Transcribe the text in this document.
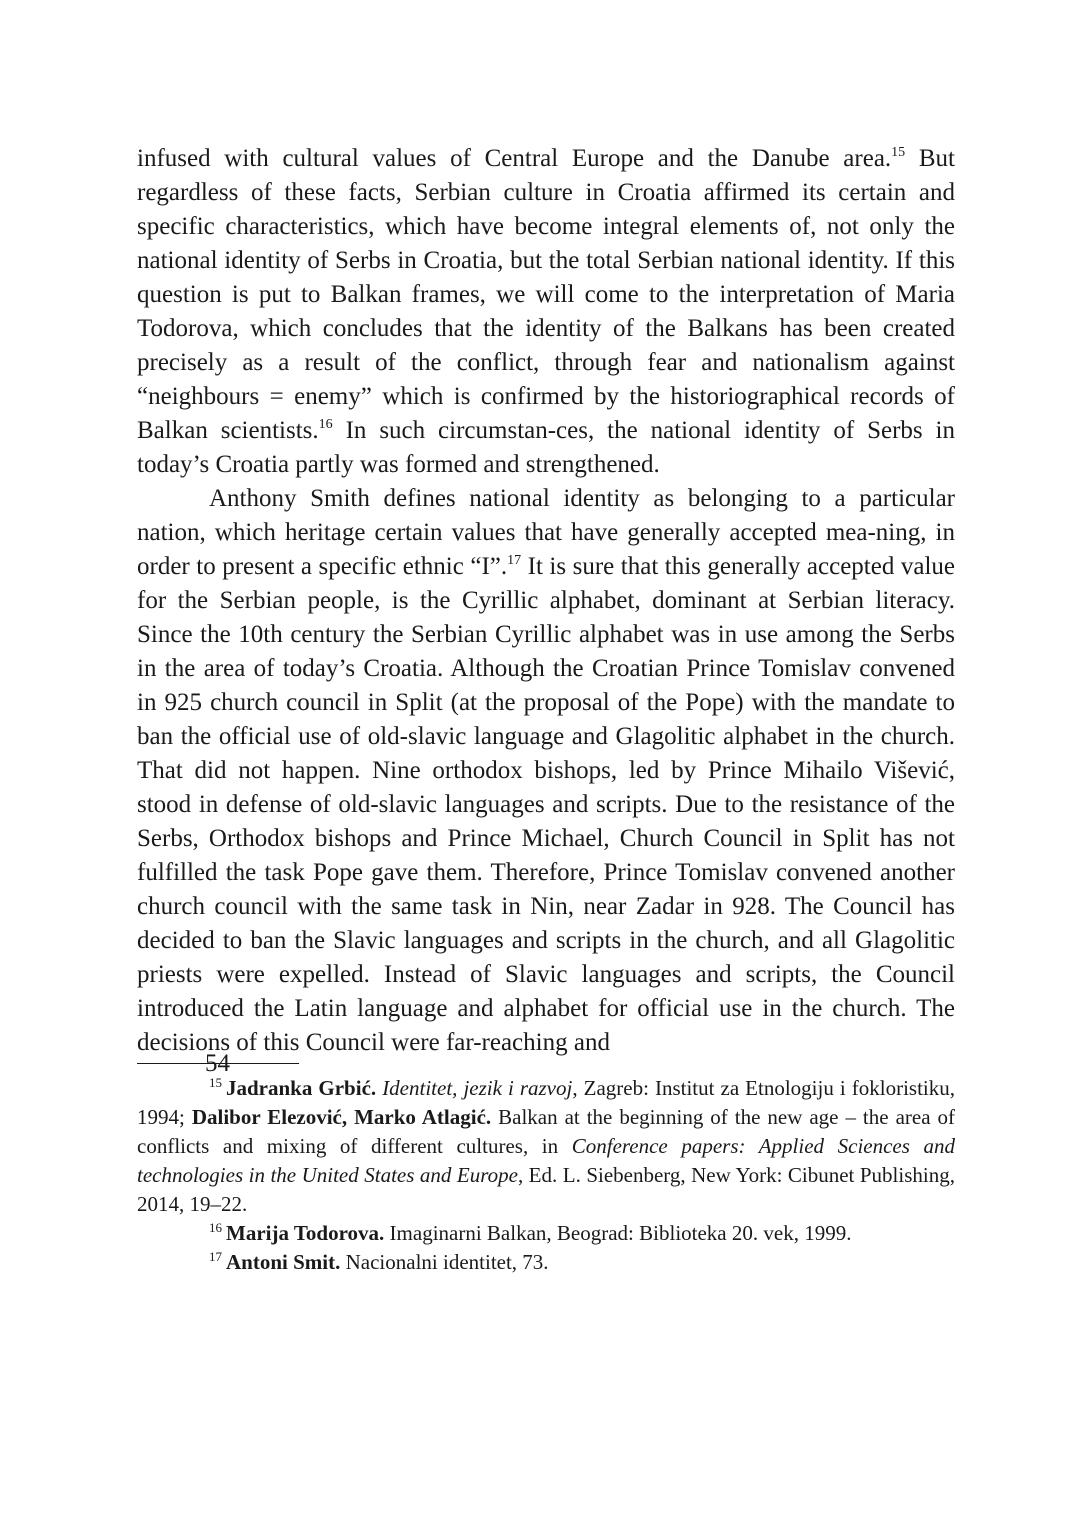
infused with cultural values of Central Europe and the Danube area.$^{15}$ But regardless of these facts, Serbian culture in Croatia affirmed its certain and specific characteristics, which have become integral elements of, not only the national identity of Serbs in Croatia, but the total Serbian national identity. If this question is put to Balkan frames, we will come to the interpretation of Maria Todorova, which concludes that the identity of the Balkans has been created precisely as a result of the conflict, through fear and nationalism against “neighbours = enemy” which is confirmed by the historiographical records of Balkan scientists.$^{16}$ In such circumstan-ces, the national identity of Serbs in today’s Croatia partly was formed and strengthened.

Anthony Smith defines national identity as belonging to a particular nation, which heritage certain values that have generally accepted mea-ning, in order to present a specific ethnic “I”.$^{17}$ It is sure that this generally accepted value for the Serbian people, is the Cyrillic alphabet, dominant at Serbian literacy. Since the 10th century the Serbian Cyrillic alphabet was in use among the Serbs in the area of today’s Croatia. Although the Croatian Prince Tomislav convened in 925 church council in Split (at the proposal of the Pope) with the mandate to ban the official use of old-slavic language and Glagolitic alphabet in the church. That did not happen. Nine orthodox bishops, led by Prince Mihailo Višević, stood in defense of old-slavic languages and scripts. Due to the resistance of the Serbs, Orthodox bishops and Prince Michael, Church Council in Split has not fulfilled the task Pope gave them. Therefore, Prince Tomislav convened another church council with the same task in Nin, near Zadar in 928. The Council has decided to ban the Slavic languages and scripts in the church, and all Glagolitic priests were expelled. Instead of Slavic languages and scripts, the Council introduced the Latin language and alphabet for official use in the church. The decisions of this Council were far-reaching and

$^{15}$ Jadranka Grbić. Identitet, jezik i razvoj, Zagreb: Institut za Etnologiju i fokloristiku, 1994; Dalibor Elezović, Marko Atlagić. Balkan at the beginning of the new age – the area of conflicts and mixing of different cultures, in Conference papers: Applied Sciences and technologies in the United States and Europe, Ed. L. Siebenberg, New York: Cibunet Publishing, 2014, 19–22.

$^{16}$ Marija Todorova. Imaginarni Balkan, Beograd: Biblioteka 20. vek, 1999.

$^{17}$ Antoni Smit. Nacionalni identitet, 73.

54
